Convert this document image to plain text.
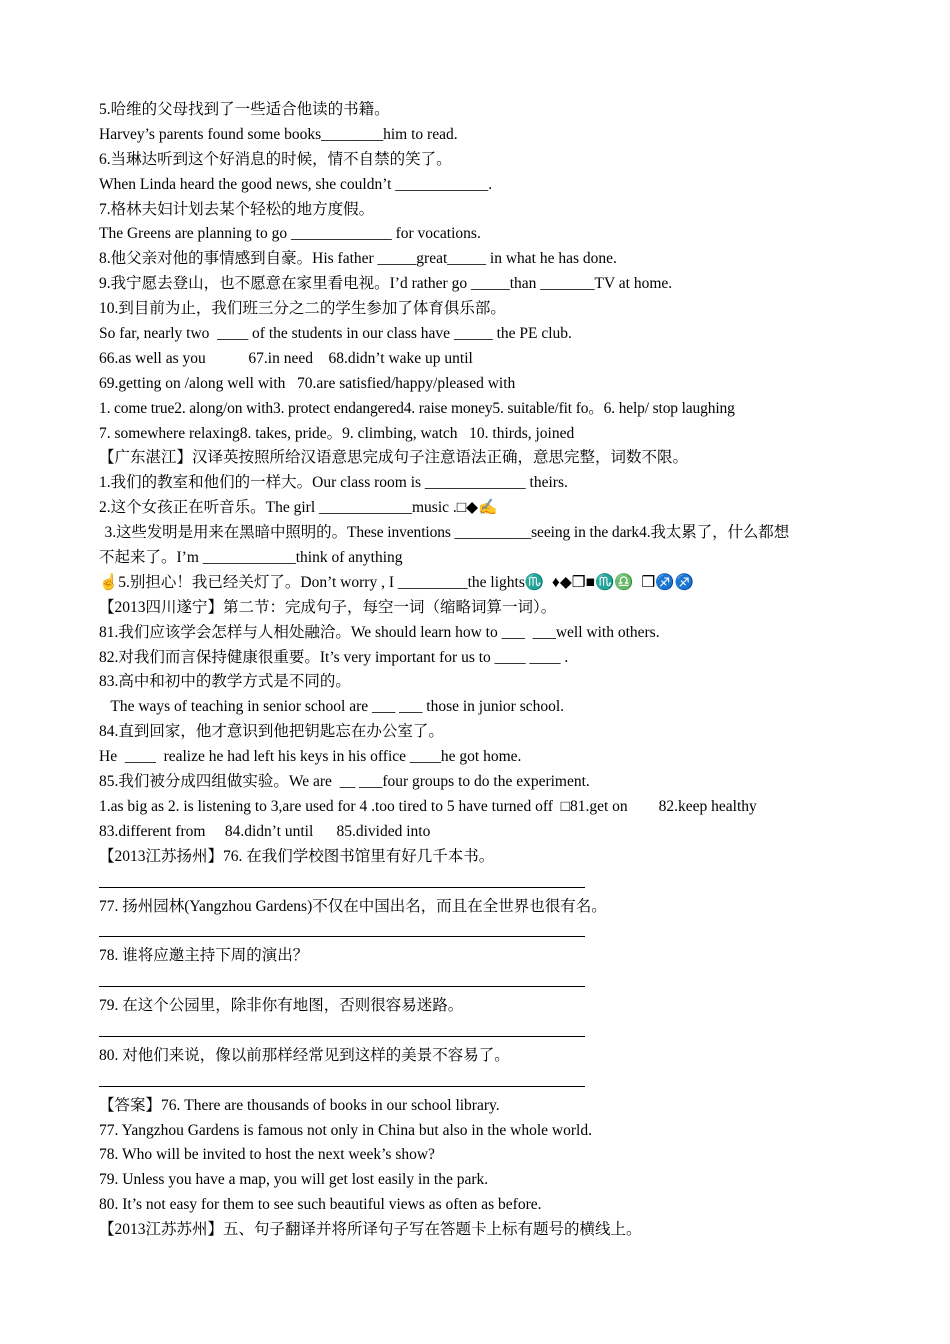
5.哈维的父母找到了一些适合他读的书籍。
Harvey’s parents found some books________him to read.
6.当琳达听到这个好消息的时候，情不自禁的笑了。
When Linda heard the good news, she couldn’t ____________.
7.格林夫妇计划去某个轻松的地方度假。
The Greens are planning to go _____________ for vocations.
8.他父亲对他的事情感到自豪。His father _____great_____ in what he has done.
9.我宁愿去登山，也不愿意在家里看电视。I’d rather go _____than _______TV at home.
10.到目前为止，我们班三分之二的学生参加了体育俱乐部。
So far, nearly two  ____ of the students in our class have _____ the PE club.
66.as well as you           67.in need    68.didn’t wake up until
69.getting on /along well with   70.are satisfied/happy/pleased with
1. come true2. along/on with3. protect endangered4. raise money5. suitable/fit fo。6. help/ stop laughing
7. somewhere relaxing8. takes, pride。9. climbing, watch   10. thirds, joined
【广东湛江】汉译英按照所给汉语意思完成句子注意语法正确，意思完整，词数不限。
1.我们的教室和他们的一样大。Our class room is _____________ theirs.
2.这个女孩正在听音乐。The girl ____________music .□◆✍
3.这些发明是用来在黑暗中照明的。These inventions __________seeing in the dark4.我太累了，什么都想
不起来了。I’m ____________think of anything
☝5.别担心！我已经关灯了。Don’t worry , I _________the lights♏  ♦◆❒■♏♎  ❒♐♐
【2013四川遂宁】第二节：完成句子，每空一词（缩略词算一词）。
81.我们应该学会怎样与人相处融洽。We should learn how to ___  ___well with others.
82.对我们而言保持健康很重要。It’s very important for us to ____ ____ .
83.高中和初中的教学方式是不同的。
The ways of teaching in senior school are ___ ___ those in junior school.
84.直到回家，他才意识到他把钥匙忘在办公室了。
He  ____  realize he had left his keys in his office ____he got home.
85.我们被分成四组做实验。We are  __ ___four groups to do the experiment.
1.as big as 2. is listening to 3,are used for 4 .too tired to 5 have turned off  □81.get on        82.keep healthy
83.different from     84.didn’t until      85.divided into
【2013江苏扬州】76. 在我们学校图书馆里有好几千本书。
77. 扬州园林(Yangzhou Gardens)不仅在中国出名，而且在全世界也很有名。
78. 谁将应邀主持下周的演出？
79. 在这个公园里，除非你有地图，否则很容易迷路。
80. 对他们来说，像以前那样经常见到这样的美景不容易了。
【答案】76. There are thousands of books in our school library.
77. Yangzhou Gardens is famous not only in China but also in the whole world.
78. Who will be invited to host the next week’s show?
79. Unless you have a map, you will get lost easily in the park.
80. It’s not easy for them to see such beautiful views as often as before.
【2013江苏苏州】五、句子翻译并将所译句子写在答题卡上标有题号的横线上。
